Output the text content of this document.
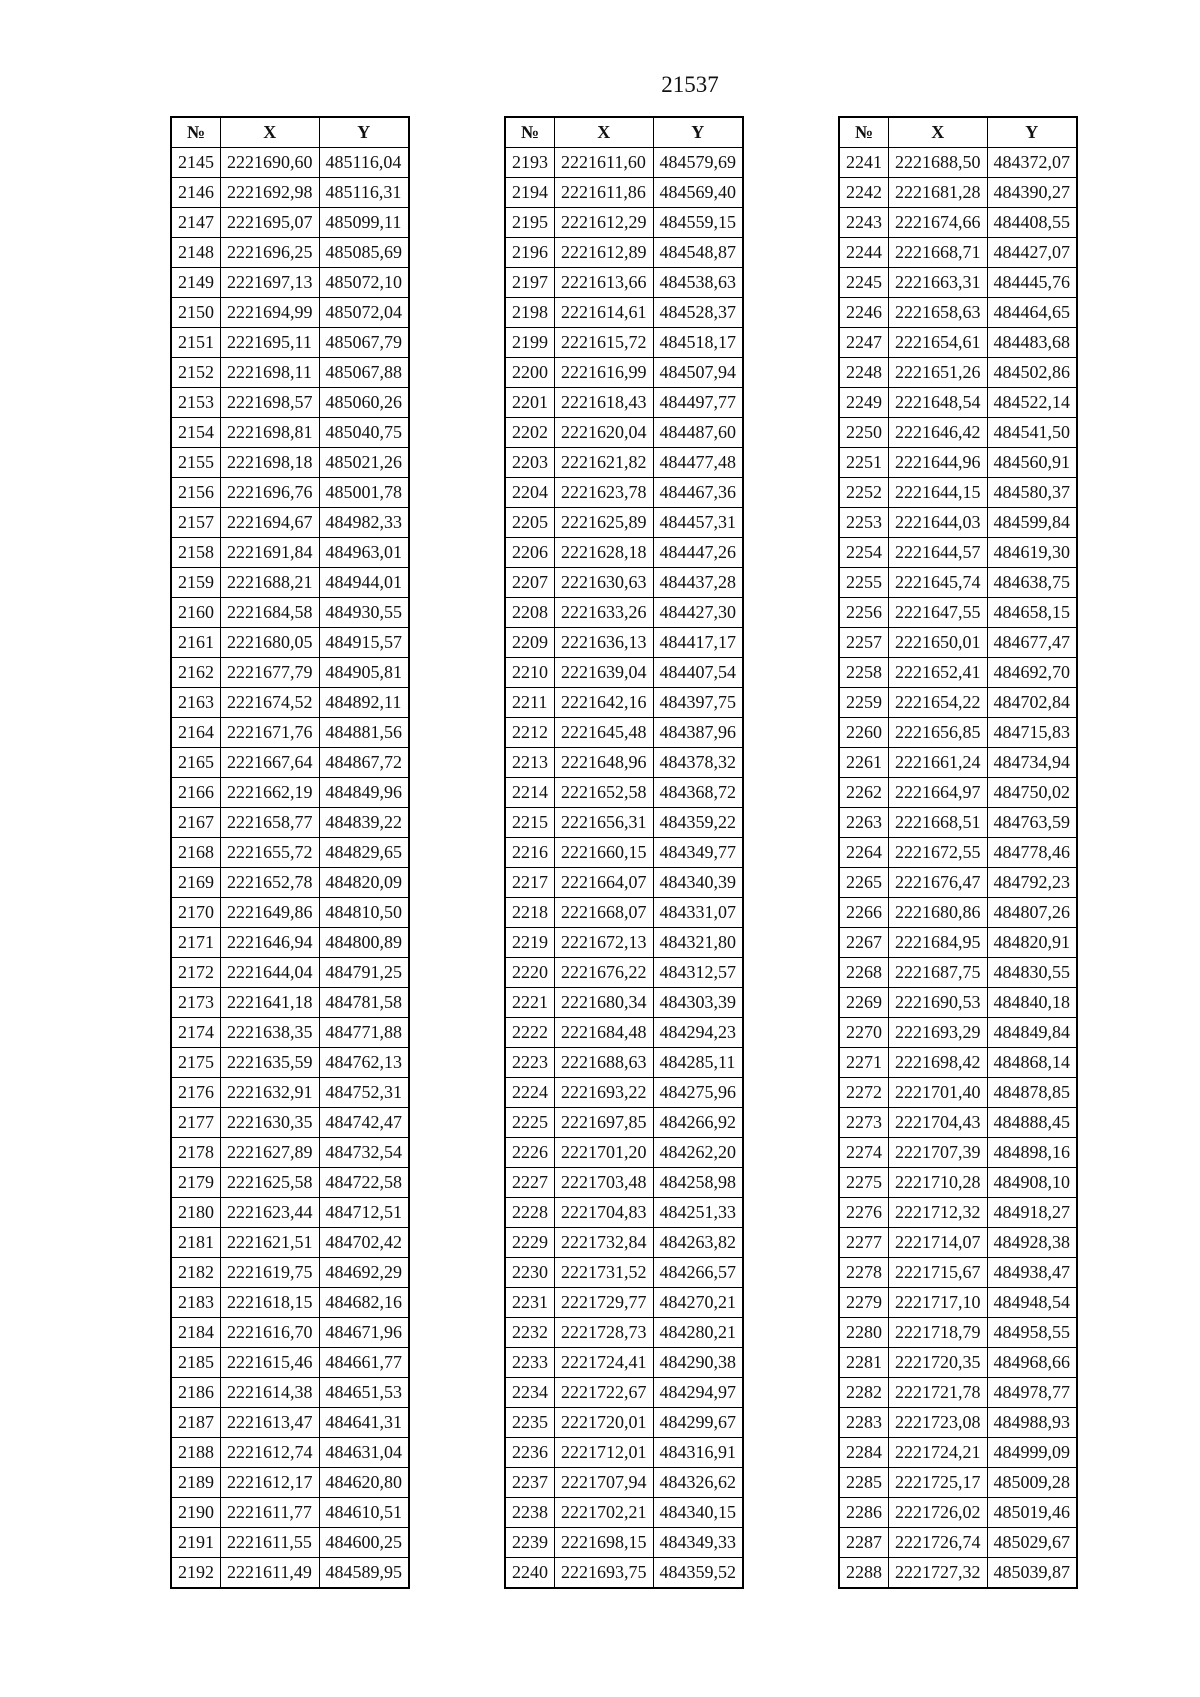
21537
№	X	Y
2145	2221690,60	485116,04
2146	2221692,98	485116,31
2147	2221695,07	485099,11
2148	2221696,25	485085,69
2149	2221697,13	485072,10
2150	2221694,99	485072,04
2151	2221695,11	485067,79
2152	2221698,11	485067,88
2153	2221698,57	485060,26
2154	2221698,81	485040,75
2155	2221698,18	485021,26
2156	2221696,76	485001,78
2157	2221694,67	484982,33
2158	2221691,84	484963,01
2159	2221688,21	484944,01
2160	2221684,58	484930,55
2161	2221680,05	484915,57
2162	2221677,79	484905,81
2163	2221674,52	484892,11
2164	2221671,76	484881,56
2165	2221667,64	484867,72
2166	2221662,19	484849,96
2167	2221658,77	484839,22
2168	2221655,72	484829,65
2169	2221652,78	484820,09
2170	2221649,86	484810,50
2171	2221646,94	484800,89
2172	2221644,04	484791,25
2173	2221641,18	484781,58
2174	2221638,35	484771,88
2175	2221635,59	484762,13
2176	2221632,91	484752,31
2177	2221630,35	484742,47
2178	2221627,89	484732,54
2179	2221625,58	484722,58
2180	2221623,44	484712,51
2181	2221621,51	484702,42
2182	2221619,75	484692,29
2183	2221618,15	484682,16
2184	2221616,70	484671,96
2185	2221615,46	484661,77
2186	2221614,38	484651,53
2187	2221613,47	484641,31
2188	2221612,74	484631,04
2189	2221612,17	484620,80
2190	2221611,77	484610,51
2191	2221611,55	484600,25
2192	2221611,49	484589,95
№	X	Y
2193	2221611,60	484579,69
2194	2221611,86	484569,40
2195	2221612,29	484559,15
2196	2221612,89	484548,87
2197	2221613,66	484538,63
2198	2221614,61	484528,37
2199	2221615,72	484518,17
2200	2221616,99	484507,94
2201	2221618,43	484497,77
2202	2221620,04	484487,60
2203	2221621,82	484477,48
2204	2221623,78	484467,36
2205	2221625,89	484457,31
2206	2221628,18	484447,26
2207	2221630,63	484437,28
2208	2221633,26	484427,30
2209	2221636,13	484417,17
2210	2221639,04	484407,54
2211	2221642,16	484397,75
2212	2221645,48	484387,96
2213	2221648,96	484378,32
2214	2221652,58	484368,72
2215	2221656,31	484359,22
2216	2221660,15	484349,77
2217	2221664,07	484340,39
2218	2221668,07	484331,07
2219	2221672,13	484321,80
2220	2221676,22	484312,57
2221	2221680,34	484303,39
2222	2221684,48	484294,23
2223	2221688,63	484285,11
2224	2221693,22	484275,96
2225	2221697,85	484266,92
2226	2221701,20	484262,20
2227	2221703,48	484258,98
2228	2221704,83	484251,33
2229	2221732,84	484263,82
2230	2221731,52	484266,57
2231	2221729,77	484270,21
2232	2221728,73	484280,21
2233	2221724,41	484290,38
2234	2221722,67	484294,97
2235	2221720,01	484299,67
2236	2221712,01	484316,91
2237	2221707,94	484326,62
2238	2221702,21	484340,15
2239	2221698,15	484349,33
2240	2221693,75	484359,52
№	X	Y
2241	2221688,50	484372,07
2242	2221681,28	484390,27
2243	2221674,66	484408,55
2244	2221668,71	484427,07
2245	2221663,31	484445,76
2246	2221658,63	484464,65
2247	2221654,61	484483,68
2248	2221651,26	484502,86
2249	2221648,54	484522,14
2250	2221646,42	484541,50
2251	2221644,96	484560,91
2252	2221644,15	484580,37
2253	2221644,03	484599,84
2254	2221644,57	484619,30
2255	2221645,74	484638,75
2256	2221647,55	484658,15
2257	2221650,01	484677,47
2258	2221652,41	484692,70
2259	2221654,22	484702,84
2260	2221656,85	484715,83
2261	2221661,24	484734,94
2262	2221664,97	484750,02
2263	2221668,51	484763,59
2264	2221672,55	484778,46
2265	2221676,47	484792,23
2266	2221680,86	484807,26
2267	2221684,95	484820,91
2268	2221687,75	484830,55
2269	2221690,53	484840,18
2270	2221693,29	484849,84
2271	2221698,42	484868,14
2272	2221701,40	484878,85
2273	2221704,43	484888,45
2274	2221707,39	484898,16
2275	2221710,28	484908,10
2276	2221712,32	484918,27
2277	2221714,07	484928,38
2278	2221715,67	484938,47
2279	2221717,10	484948,54
2280	2221718,79	484958,55
2281	2221720,35	484968,66
2282	2221721,78	484978,77
2283	2221723,08	484988,93
2284	2221724,21	484999,09
2285	2221725,17	485009,28
2286	2221726,02	485019,46
2287	2221726,74	485029,67
2288	2221727,32	485039,87
